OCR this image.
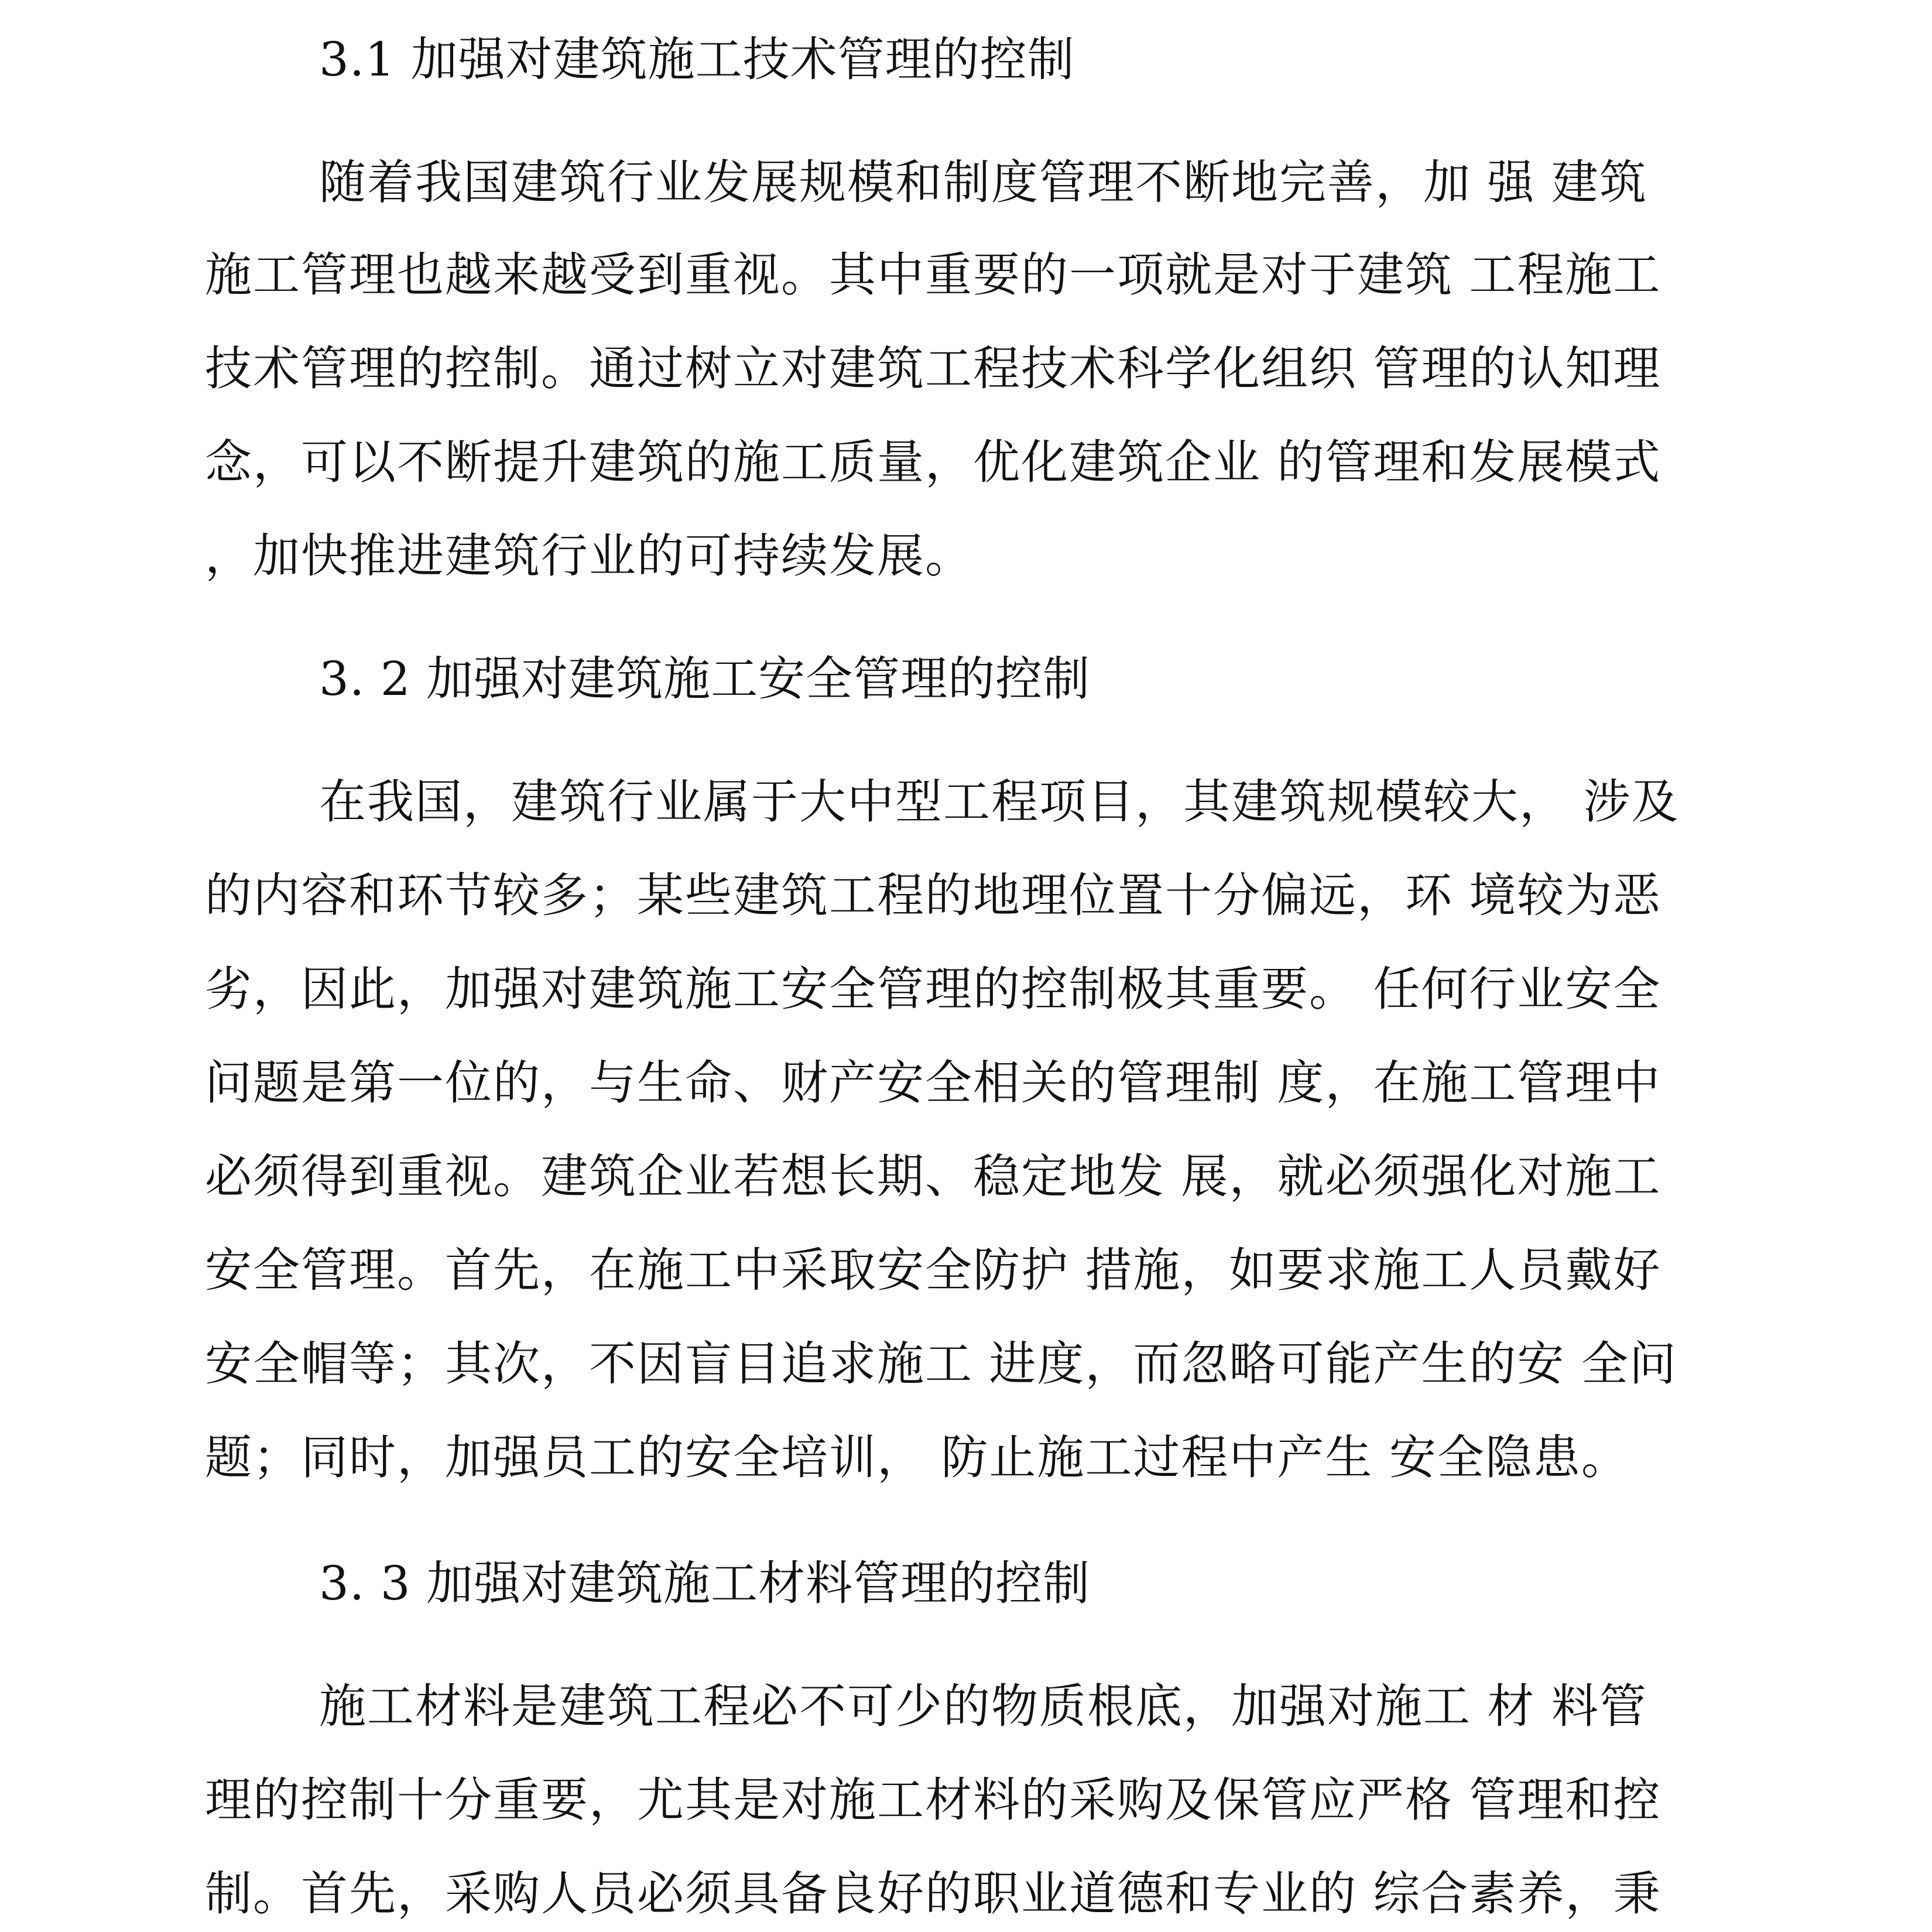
3.1 加强对建筑施工技术管理的控制
随着我国建筑行业发展规模和制度管理不断地完善，加 强 建筑
施工管理也越来越受到重视。其中重要的一项就是对于建筑 工程施工
技术管理的控制。通过树立对建筑工程技术科学化组织 管理的认知理
念，可以不断提升建筑的施工质量，优化建筑企业 的管理和发展模式
，加快推进建筑行业的可持续发展。
3. 2 加强对建筑施工安全管理的控制
在我国，建筑行业属于大中型工程项目，其建筑规模较大， 涉及
的内容和环节较多；某些建筑工程的地理位置十分偏远，环 境较为恶
劣，因此，加强对建筑施工安全管理的控制极其重要。 任何行业安全
问题是第一位的，与生命、财产安全相关的管理制 度，在施工管理中
必须得到重视。建筑企业若想长期、稳定地发 展，就必须强化对施工
安全管理。首先，在施工中采取安全防护 措施，如要求施工人员戴好
安全帽等；其次，不因盲目追求施工 进度，而忽略可能产生的安 全问
题；同时，加强员工的安全培训， 防止施工过程中产生 安全隐患。
3. 3 加强对建筑施工材料管理的控制
施工材料是建筑工程必不可少的物质根底，加强对施工 材 料管
理的控制十分重要，尤其是对施工材料的采购及保管应严格 管理和控
制。首先，采购人员必须具备良好的职业道德和专业的 综合素养，秉
